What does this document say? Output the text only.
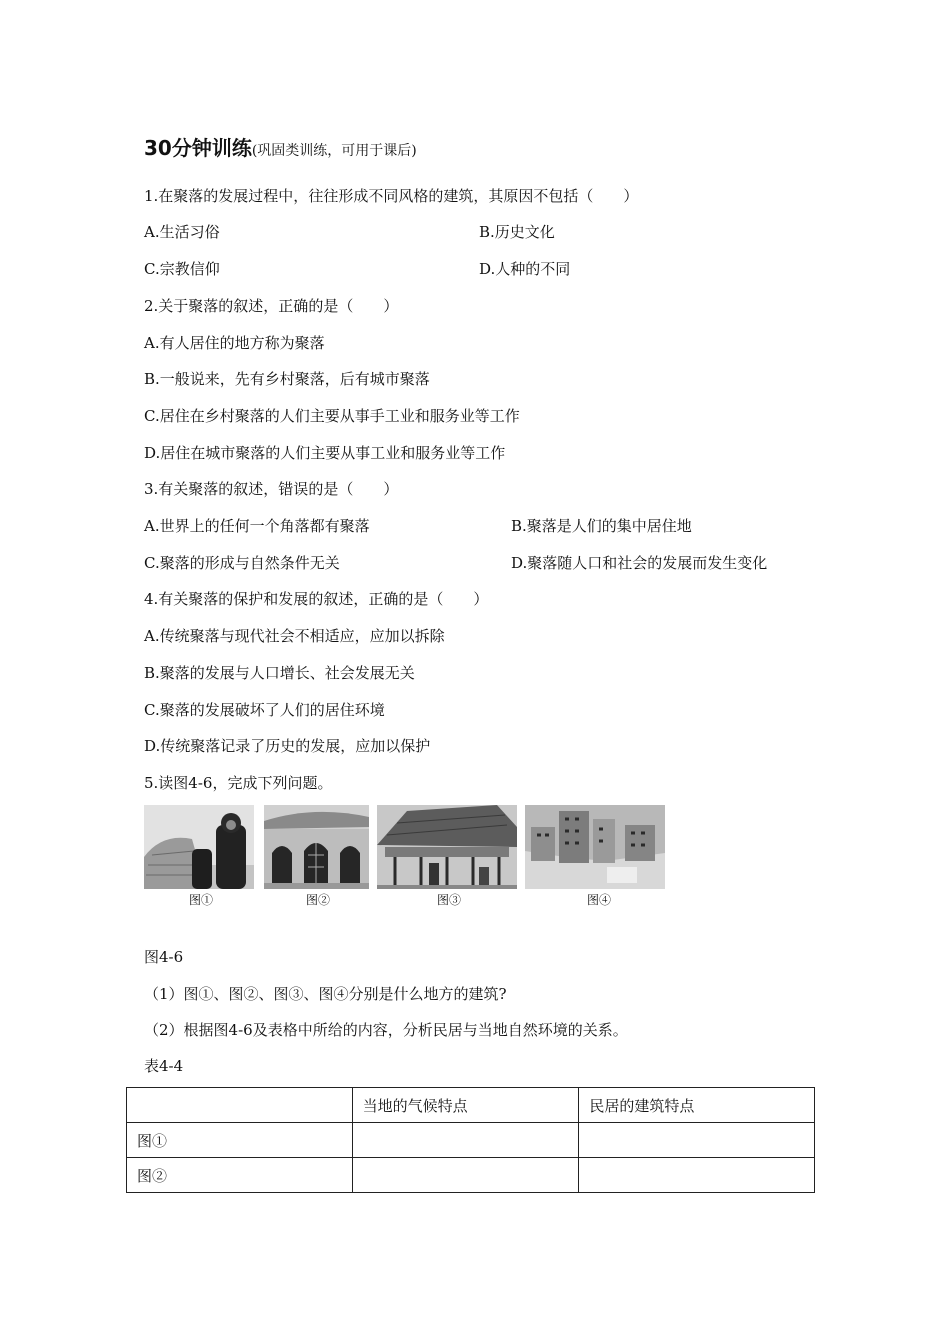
30分钟训练(巩固类训练，可用于课后)
1.在聚落的发展过程中，往往形成不同风格的建筑，其原因不包括（　　）
A.生活习俗	B.历史文化
C.宗教信仰	D.人种的不同
2.关于聚落的叙述，正确的是（　　）
A.有人居住的地方称为聚落
B.一般说来，先有乡村聚落，后有城市聚落
C.居住在乡村聚落的人们主要从事手工业和服务业等工作
D.居住在城市聚落的人们主要从事工业和服务业等工作
3.有关聚落的叙述，错误的是（　　）
A.世界上的任何一个角落都有聚落	B.聚落是人们的集中居住地
C.聚落的形成与自然条件无关	D.聚落随人口和社会的发展而发生变化
4.有关聚落的保护和发展的叙述，正确的是（　　）
A.传统聚落与现代社会不相适应，应加以拆除
B.聚落的发展与人口增长、社会发展无关
C.聚落的发展破坏了人们的居住环境
D.传统聚落记录了历史的发展，应加以保护
5.读图4-6，完成下列问题。
图①	图②	图③	图④
图4-6
（1）图①、图②、图③、图④分别是什么地方的建筑?
（2）根据图4-6及表格中所给的内容，分析民居与当地自然环境的关系。
表4-4
	当地的气候特点	民居的建筑特点
图①		
图②		
